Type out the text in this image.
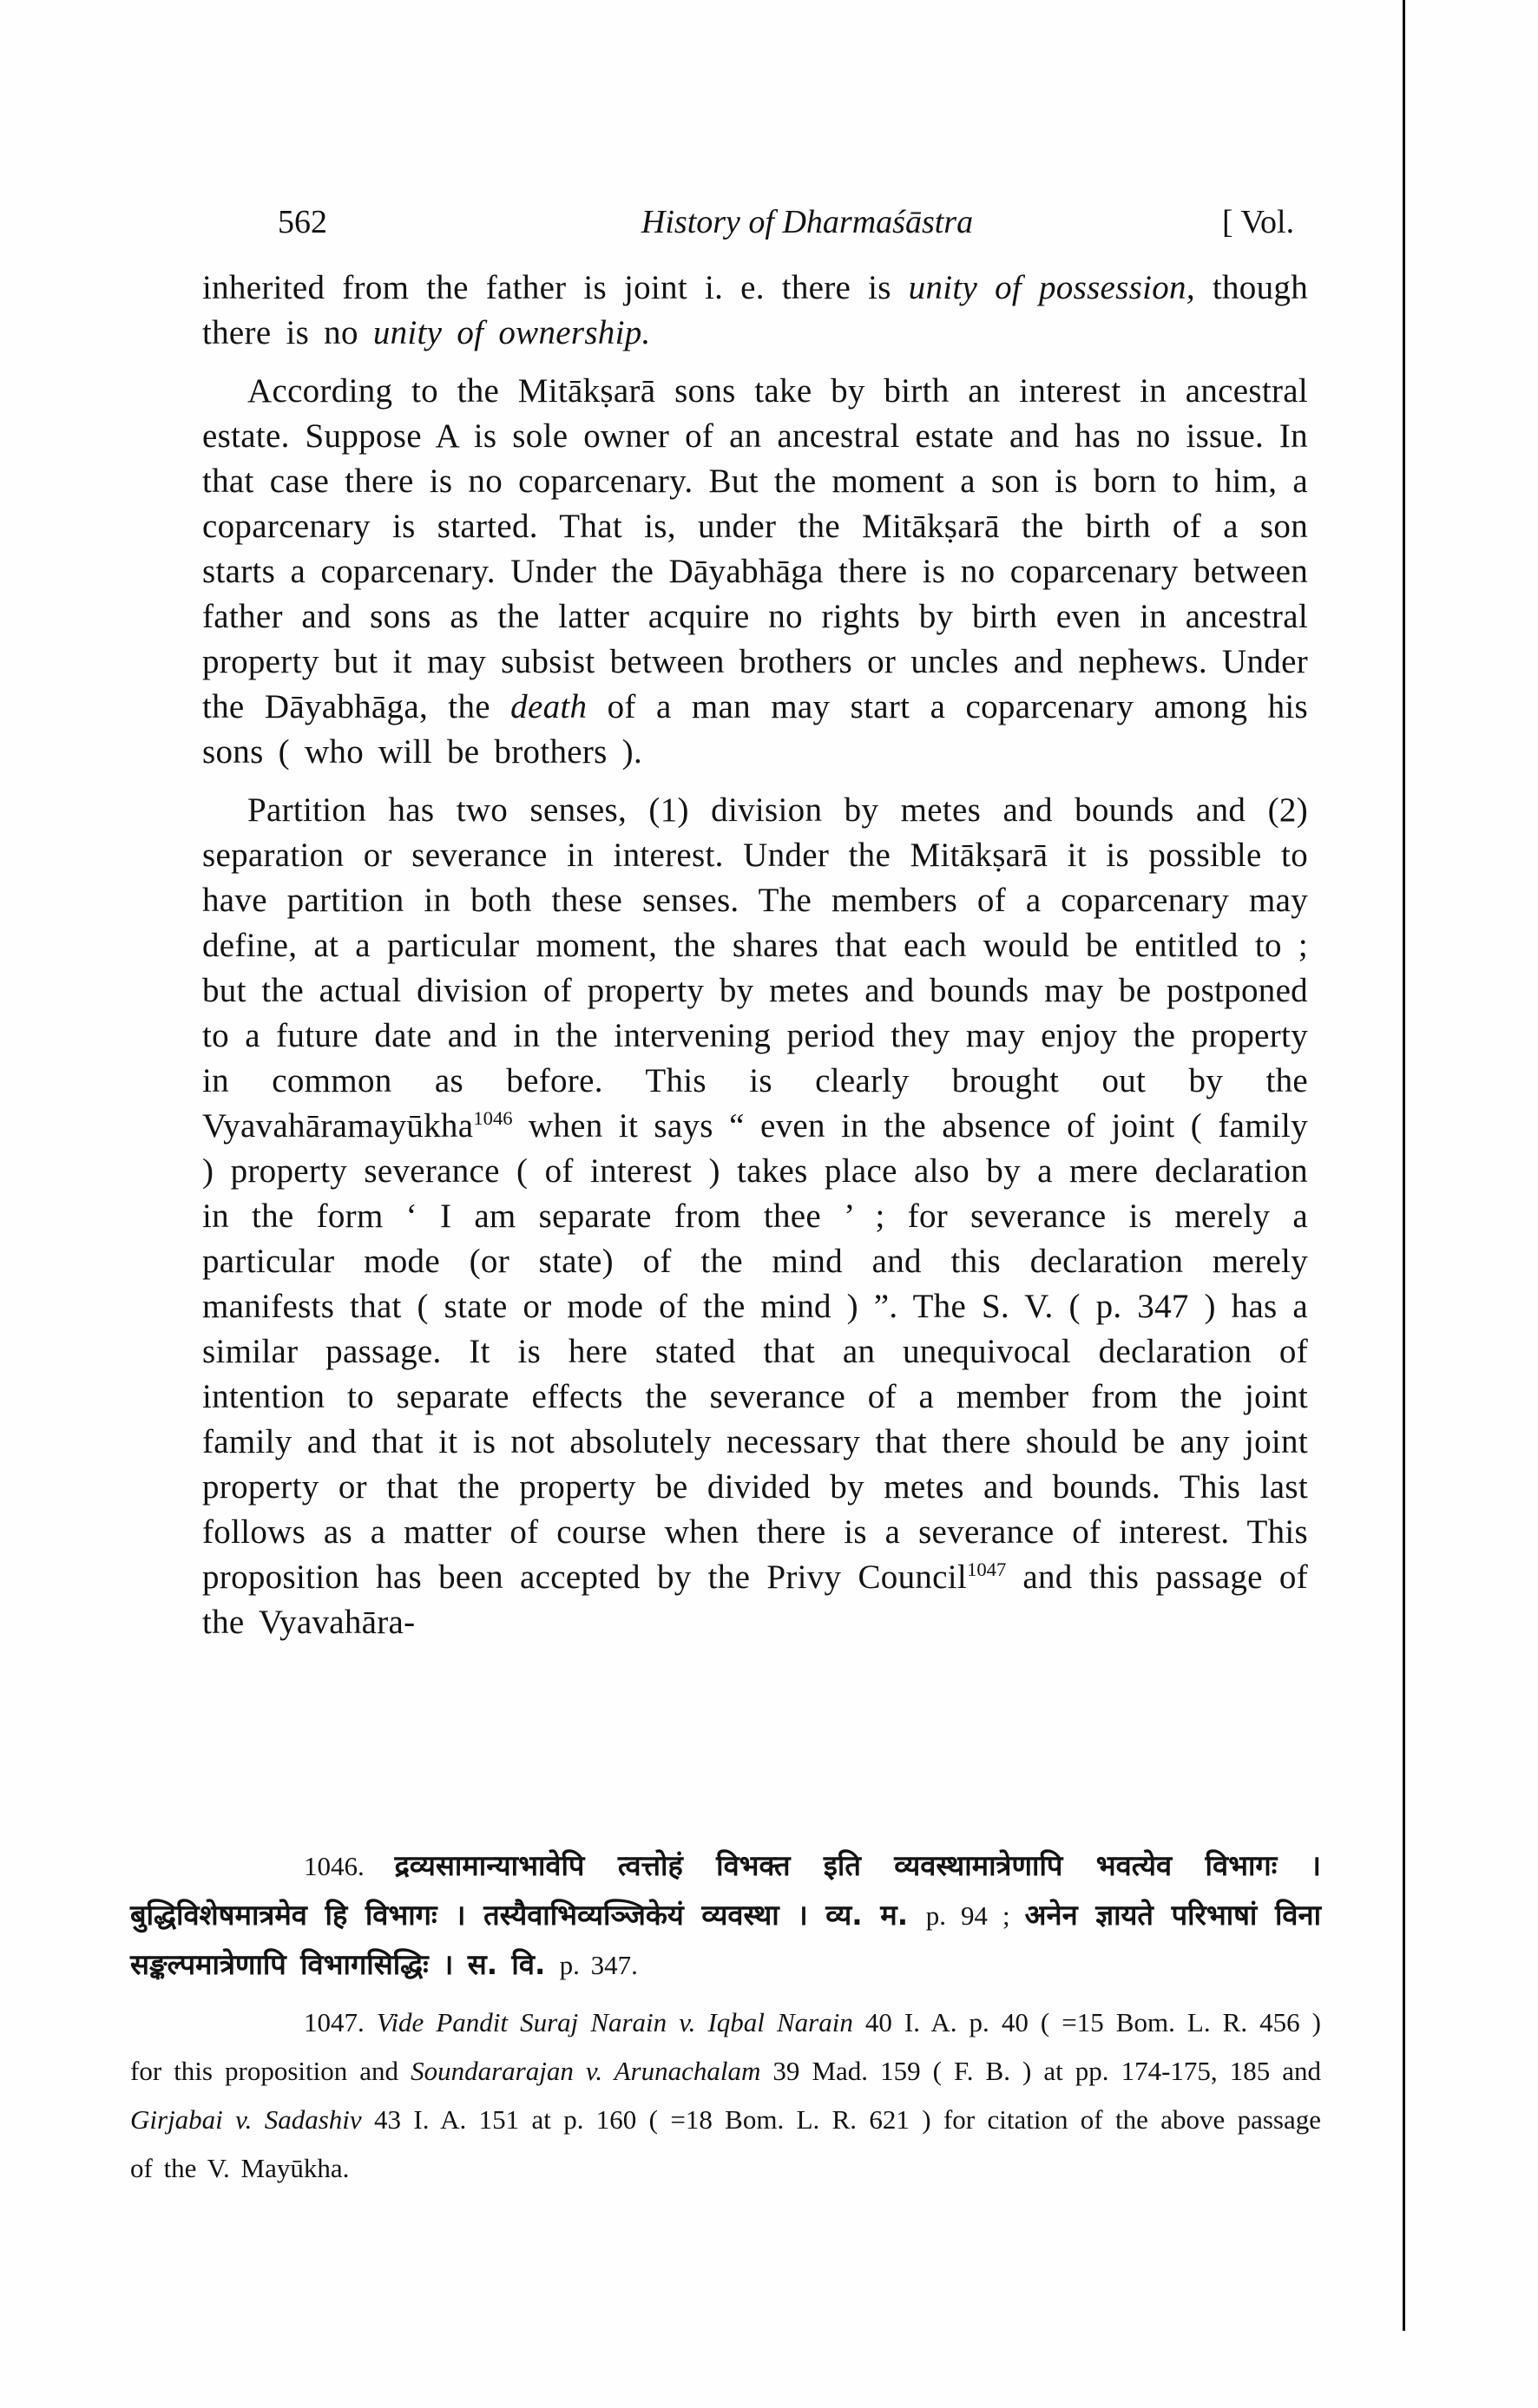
562	History of Dharmaśāstra	[ Vol.

inherited from the father is joint i. e. there is unity of possession, though there is no unity of ownership.

According to the Mitākṣarā sons take by birth an interest in ancestral estate. Suppose A is sole owner of an ancestral estate and has no issue. In that case there is no coparcenary. But the moment a son is born to him, a coparcenary is started. That is, under the Mitākṣarā the birth of a son starts a coparcenary. Under the Dāyabhāga there is no coparcenary between father and sons as the latter acquire no rights by birth even in ancestral property but it may subsist between brothers or uncles and nephews. Under the Dāyabhāga, the death of a man may start a coparcenary among his sons ( who will be brothers ).

Partition has two senses, (1) division by metes and bounds and (2) separation or severance in interest. Under the Mitākṣarā it is possible to have partition in both these senses. The members of a coparcenary may define, at a particular moment, the shares that each would be entitled to ; but the actual division of property by metes and bounds may be postponed to a future date and in the intervening period they may enjoy the property in common as before. This is clearly brought out by the Vyavahāramayūkha$^{1046}$ when it says “ even in the absence of joint ( family ) property severance ( of interest ) takes place also by a mere declaration in the form ‘ I am separate from thee ’ ; for severance is merely a particular mode (or state) of the mind and this declaration merely manifests that ( state or mode of the mind ) ”. The S. V. ( p. 347 ) has a similar passage. It is here stated that an unequivocal declaration of intention to separate effects the severance of a member from the joint family and that it is not absolutely necessary that there should be any joint property or that the property be divided by metes and bounds. This last follows as a matter of course when there is a severance of interest. This proposition has been accepted by the Privy Council$^{1047}$ and this passage of the Vyavahāra-

1046. द्रव्यसामान्याभावेपि त्वत्तोहं विभक्त इति व्यवस्थामात्रेणापि भवत्येव विभागः । बुद्धिविशेषमात्रमेव हि विभागः । तस्यैवाभिव्यञ्जिकेयं व्यवस्था । व्य. म. p. 94 ; अनेन ज्ञायते परिभाषां विना सङ्कल्पमात्रेणापि विभागसिद्धिः । स. वि. p. 347.

1047. Vide Pandit Suraj Narain v. Iqbal Narain 40 I. A. p. 40 ( =15 Bom. L. R. 456 ) for this proposition and Soundararajan v. Arunachalam 39 Mad. 159 ( F. B. ) at pp. 174-175, 185 and Girjabai v. Sadashiv 43 I. A. 151 at p. 160 ( =18 Bom. L. R. 621 ) for citation of the above passage of the V. Mayūkha.
